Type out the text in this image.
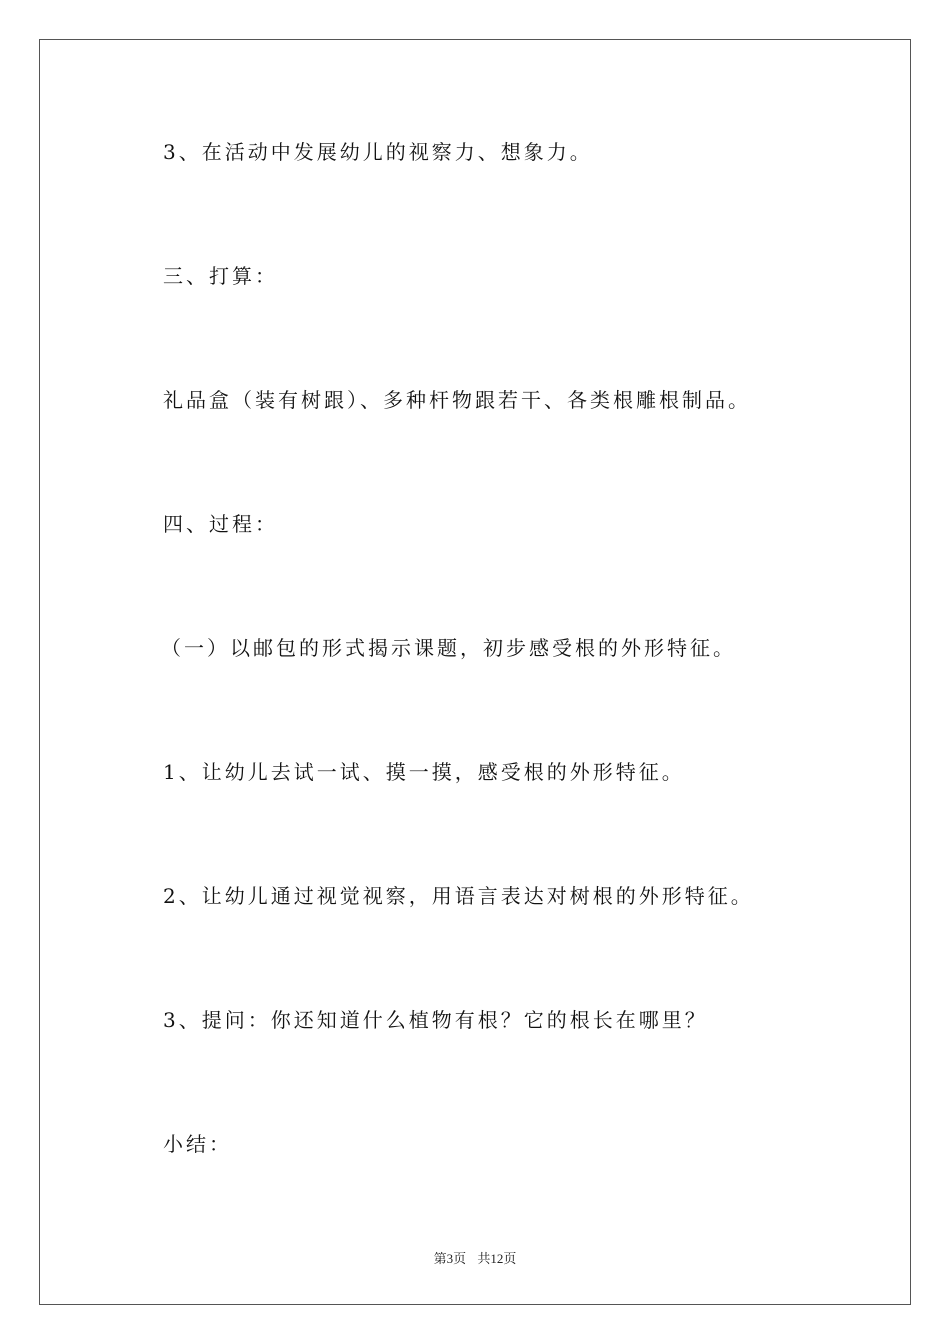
3、在活动中发展幼儿的视察力、想象力。
三、打算：
礼品盒（装有树跟）、多种杆物跟若干、各类根雕根制品。
四、过程：
（一）以邮包的形式揭示课题，初步感受根的外形特征。
1、让幼儿去试一试、摸一摸，感受根的外形特征。
2、让幼儿通过视觉视察，用语言表达对树根的外形特征。
3、提问：你还知道什么植物有根？它的根长在哪里？
小结：
第3页 共12页
